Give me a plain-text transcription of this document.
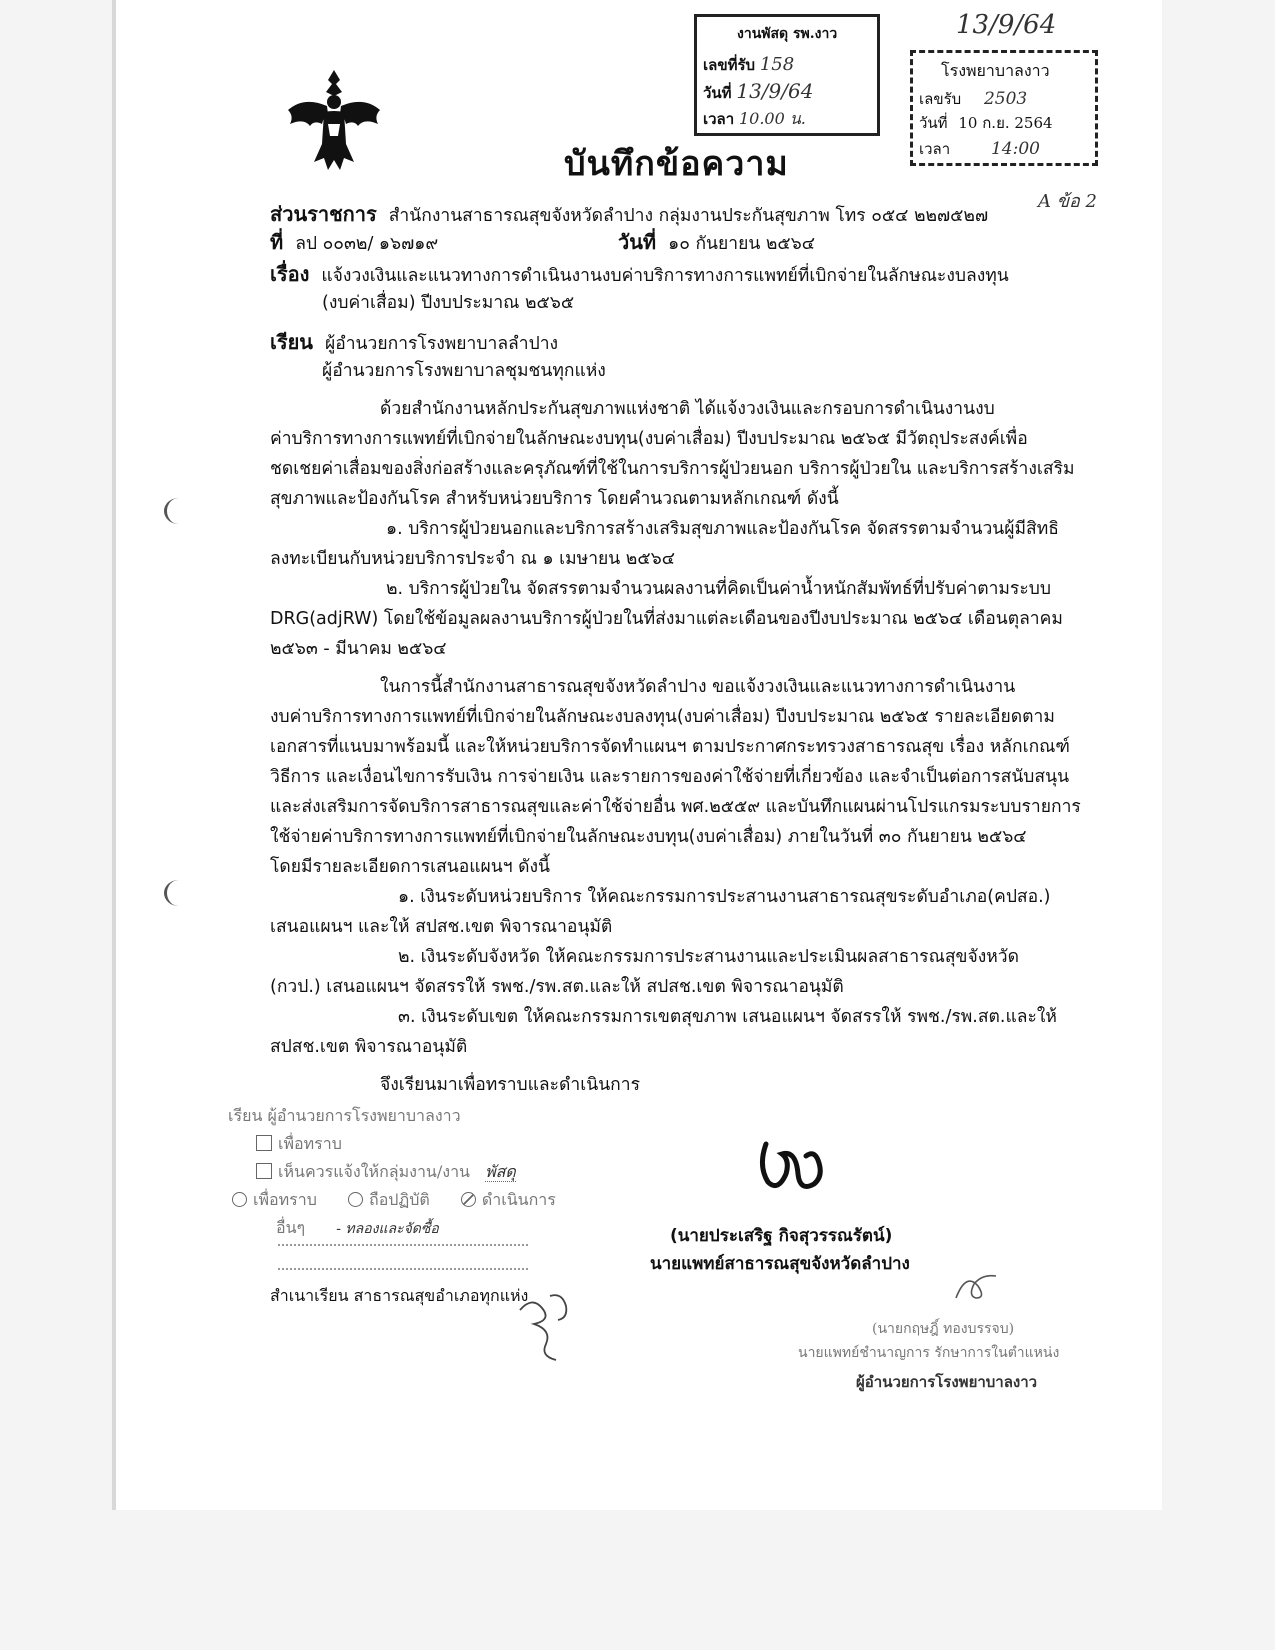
13/9/64
A ข้อ 2
งานพัสดุ รพ.งาว
เลขที่รับ 158
วันที่ 13/9/64
เวลา 10.00 น.
โรงพยาบาลงาว
เลขรับ 2503
วันที่ 10 ก.ย. 2564
เวลา 14:00
บันทึกข้อความ
ส่วนราชการ สำนักงานสาธารณสุขจังหวัดลำปาง กลุ่มงานประกันสุขภาพ โทร ๐๕๔ ๒๒๗๕๒๗
ที่ ลป ๐๐๓๒/ ๑๖๗๑๙	วันที่ ๑๐ กันยายน ๒๕๖๔
เรื่อง แจ้งวงเงินและแนวทางการดำเนินงานงบค่าบริการทางการแพทย์ที่เบิกจ่ายในลักษณะงบลงทุน
(งบค่าเสื่อม) ปีงบประมาณ ๒๕๖๕
เรียน ผู้อำนวยการโรงพยาบาลลำปาง
ผู้อำนวยการโรงพยาบาลชุมชนทุกแห่ง
ด้วยสำนักงานหลักประกันสุขภาพแห่งชาติ ได้แจ้งวงเงินและกรอบการดำเนินงานงบ
ค่าบริการทางการแพทย์ที่เบิกจ่ายในลักษณะงบทุน(งบค่าเสื่อม) ปีงบประมาณ ๒๕๖๕ มีวัตถุประสงค์เพื่อ
ชดเชยค่าเสื่อมของสิ่งก่อสร้างและครุภัณฑ์ที่ใช้ในการบริการผู้ป่วยนอก บริการผู้ป่วยใน และบริการสร้างเสริม
สุขภาพและป้องกันโรค สำหรับหน่วยบริการ โดยคำนวณตามหลักเกณฑ์ ดังนี้
๑. บริการผู้ป่วยนอกและบริการสร้างเสริมสุขภาพและป้องกันโรค จัดสรรตามจำนวนผู้มีสิทธิ
ลงทะเบียนกับหน่วยบริการประจำ ณ ๑ เมษายน ๒๕๖๔
๒. บริการผู้ป่วยใน จัดสรรตามจำนวนผลงานที่คิดเป็นค่าน้ำหนักสัมพัทธ์ที่ปรับค่าตามระบบ
DRG(adjRW) โดยใช้ข้อมูลผลงานบริการผู้ป่วยในที่ส่งมาแต่ละเดือนของปีงบประมาณ ๒๕๖๔ เดือนตุลาคม
๒๕๖๓ - มีนาคม ๒๕๖๔
ในการนี้สำนักงานสาธารณสุขจังหวัดลำปาง ขอแจ้งวงเงินและแนวทางการดำเนินงาน
งบค่าบริการทางการแพทย์ที่เบิกจ่ายในลักษณะงบลงทุน(งบค่าเสื่อม) ปีงบประมาณ ๒๕๖๕ รายละเอียดตาม
เอกสารที่แนบมาพร้อมนี้ และให้หน่วยบริการจัดทำแผนฯ ตามประกาศกระทรวงสาธารณสุข เรื่อง หลักเกณฑ์
วิธีการ และเงื่อนไขการรับเงิน การจ่ายเงิน และรายการของค่าใช้จ่ายที่เกี่ยวข้อง และจำเป็นต่อการสนับสนุน
และส่งเสริมการจัดบริการสาธารณสุขและค่าใช้จ่ายอื่น พศ.๒๕๕๙ และบันทึกแผนผ่านโปรแกรมระบบรายการ
ใช้จ่ายค่าบริการทางการแพทย์ที่เบิกจ่ายในลักษณะงบทุน(งบค่าเสื่อม) ภายในวันที่ ๓๐ กันยายน ๒๕๖๔
โดยมีรายละเอียดการเสนอแผนฯ ดังนี้
๑. เงินระดับหน่วยบริการ ให้คณะกรรมการประสานงานสาธารณสุขระดับอำเภอ(คปสอ.)
เสนอแผนฯ และให้ สปสช.เขต พิจารณาอนุมัติ
๒. เงินระดับจังหวัด ให้คณะกรรมการประสานงานและประเมินผลสาธารณสุขจังหวัด
(กวป.) เสนอแผนฯ จัดสรรให้ รพช./รพ.สต.และให้ สปสช.เขต พิจารณาอนุมัติ
๓. เงินระดับเขต ให้คณะกรรมการเขตสุขภาพ เสนอแผนฯ จัดสรรให้ รพช./รพ.สต.และให้
สปสช.เขต พิจารณาอนุมัติ
จึงเรียนมาเพื่อทราบและดำเนินการ
เรียน ผู้อำนวยการโรงพยาบาลงาว
เพื่อทราบ
เห็นควรแจ้งให้กลุ่มงาน/งาน พัสดุ
เพื่อทราบ	ถือปฏิบัติ	ดำเนินการ
อื่นๆ - ทลองและจัดซื้อ
สำเนาเรียน สาธารณสุขอำเภอทุกแห่ง
(นายประเสริฐ กิจสุวรรณรัตน์)
นายแพทย์สาธารณสุขจังหวัดลำปาง
(นายกฤษฎิ์ ทองบรรจบ)
นายแพทย์ชำนาญการ รักษาการในตำแหน่ง
ผู้อำนวยการโรงพยาบาลงาว
